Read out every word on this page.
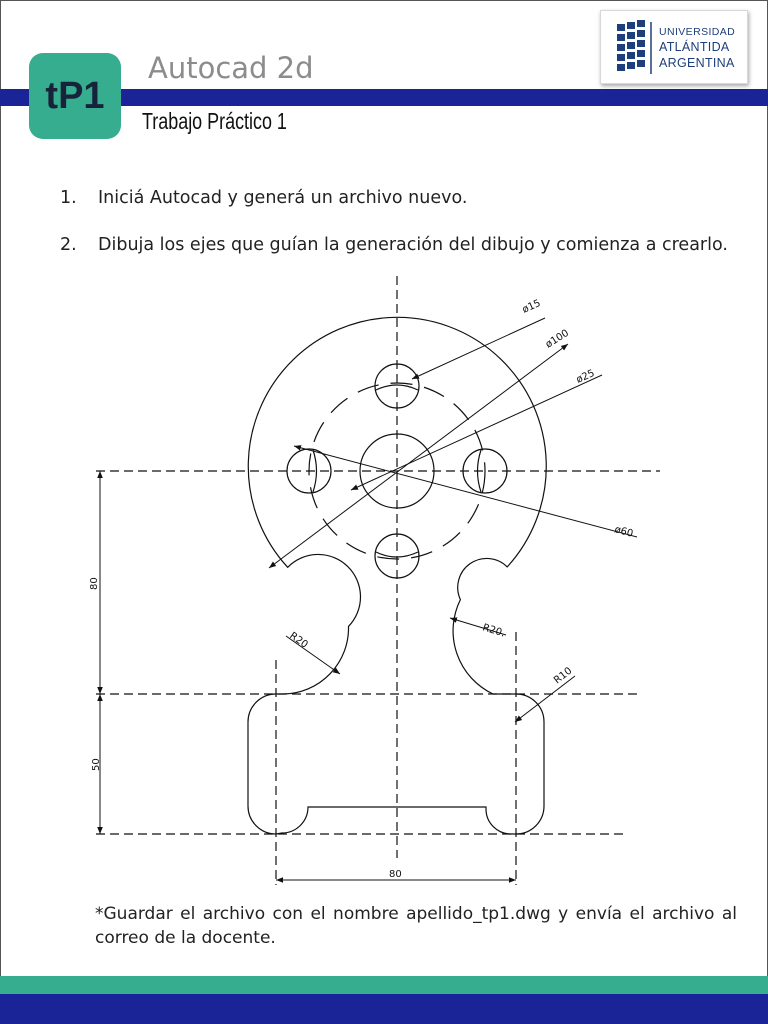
tP1
Autocad 2d
Trabajo Práctico 1
UNIVERSIDAD
ATLÁNTIDA
ARGENTINA
1.	Iniciá Autocad y generá un archivo nuevo.
2.	Dibuja los ejes que guían la generación del dibujo y comienza a crearlo.
ø15
ø100
ø25
ø60
R20	R20.
R10
80
50
80
*Guardar el archivo con el nombre apellido_tp1.dwg y envía el archivo al correo de la docente.
